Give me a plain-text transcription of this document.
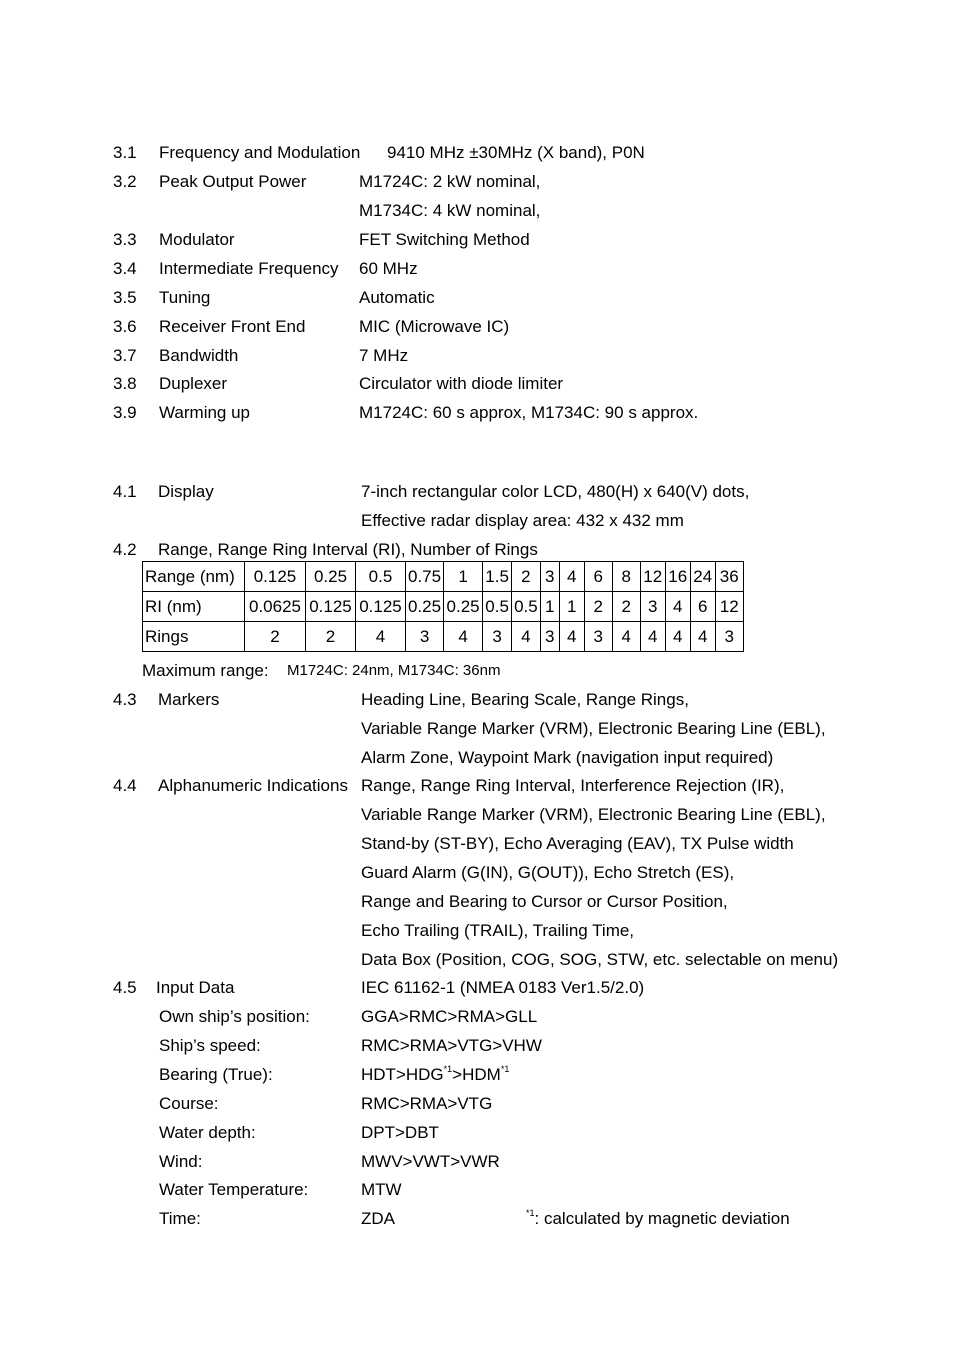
3.1 Frequency and Modulation 9410 MHz ±30MHz (X band), P0N
3.2 Peak Output Power	M1724C: 2 kW nominal,
M1734C: 4 kW nominal,
3.3 Modulator	FET Switching Method
3.4 Intermediate Frequency 60 MHz
3.5 Tuning	Automatic
3.6 Receiver Front End	MIC (Microwave IC)
3.7 Bandwidth	7 MHz
3.8 Duplexer	Circulator with diode limiter
3.9 Warming up	M1724C: 60 s approx, M1734C: 90 s approx.
4.1 Display	7-inch rectangular color LCD, 480(H) x 640(V) dots,
Effective radar display area: 432 x 432 mm
4.2 Range, Range Ring Interval (RI), Number of Rings
Range (nm)	0.125	0.25	0.5	0.75	1	1.5	2	3	4	6	8	12	16	24	36
RI (nm)	0.0625	0.125	0.125	0.25	0.25	0.5	0.5	1	1	2	2	3	4	6	12
Rings	2	2	4	3	4	3	4	3	4	3	4	4	4	4	3
Maximum range: M1724C: 24nm, M1734C: 36nm
4.3 Markers	Heading Line, Bearing Scale, Range Rings,
Variable Range Marker (VRM), Electronic Bearing Line (EBL),
Alarm Zone, Waypoint Mark (navigation input required)
4.4 Alphanumeric Indications Range, Range Ring Interval, Interference Rejection (IR),
Variable Range Marker (VRM), Electronic Bearing Line (EBL),
Stand-by (ST-BY), Echo Averaging (EAV), TX Pulse width
Guard Alarm (G(IN), G(OUT)), Echo Stretch (ES),
Range and Bearing to Cursor or Cursor Position,
Echo Trailing (TRAIL), Trailing Time,
Data Box (Position, COG, SOG, STW, etc. selectable on menu)
4.5 Input Data	IEC 61162-1 (NMEA 0183 Ver1.5/2.0)
Own ship’s position:	GGA>RMC>RMA>GLL
Ship’s speed:	RMC>RMA>VTG>VHW
Bearing (True):	$HDT>HDG^{*1}>HDM^{*1}$
Course:	RMC>RMA>VTG
Water depth:	DPT>DBT
Wind:	MWV>VWT>VWR
Water Temperature:	MTW
Time:	ZDA	$^{*1}$: calculated by magnetic deviation
